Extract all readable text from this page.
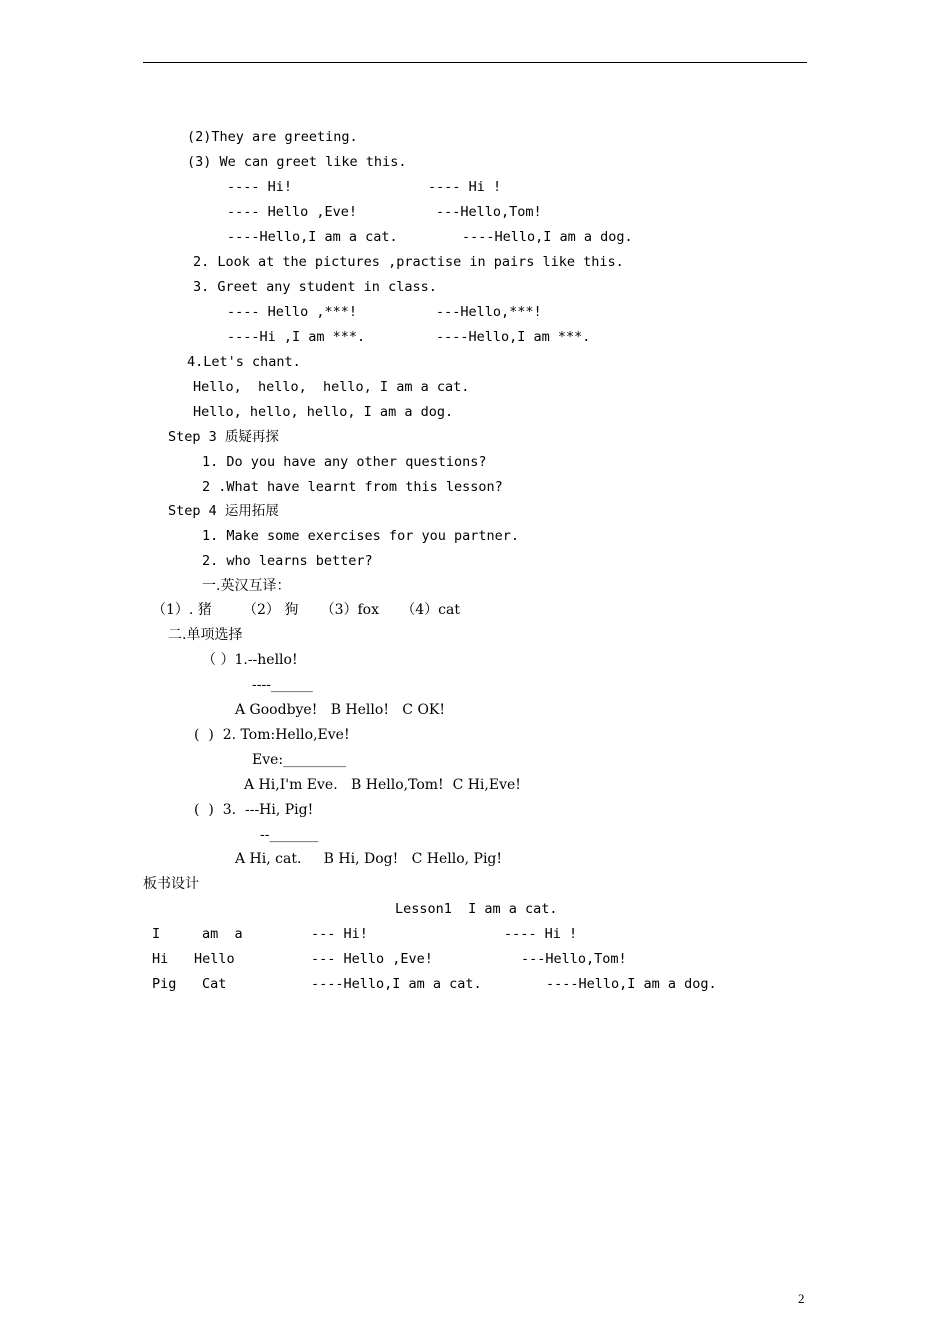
(2)They are greeting.
(3) We can greet like this.
---- Hi!	---- Hi !
---- Hello ,Eve!	---Hello,Tom!
----Hello,I am a cat.	----Hello,I am a dog.
2. Look at the pictures ,practise in pairs like this.
3. Greet any student in class.
---- Hello ,***!	---Hello,***!
----Hi ,I am ***.	----Hello,I am ***.
4.Let's chant.
Hello,  hello,  hello, I am a cat.
Hello, hello, hello, I am a dog.
Step 3 质疑再探
1. Do you have any other questions?
2 .What have learnt from this lesson?
Step 4 运用拓展
1. Make some exercises for you partner.
2. who learns better?
一.英汉互译：
（1）. 猪       （2） 狗     （3）fox     （4）cat
二.单项选择
（ ）1.--hello!
----______
A Goodbye!   B Hello!   C OK!
(  )  2. Tom:Hello,Eve!
Eve:_________
A Hi,I'm Eve.   B Hello,Tom!  C Hi,Eve!
(  )  3.  ---Hi, Pig!
--_______
A Hi, cat.     B Hi, Dog!   C Hello, Pig!
板书设计
Lesson1  I am a cat.
I	am  a	--- Hi!	---- Hi !
Hi Hello	--- Hello ,Eve!	---Hello,Tom!
Pig Cat	----Hello,I am a cat.	----Hello,I am a dog.
2
